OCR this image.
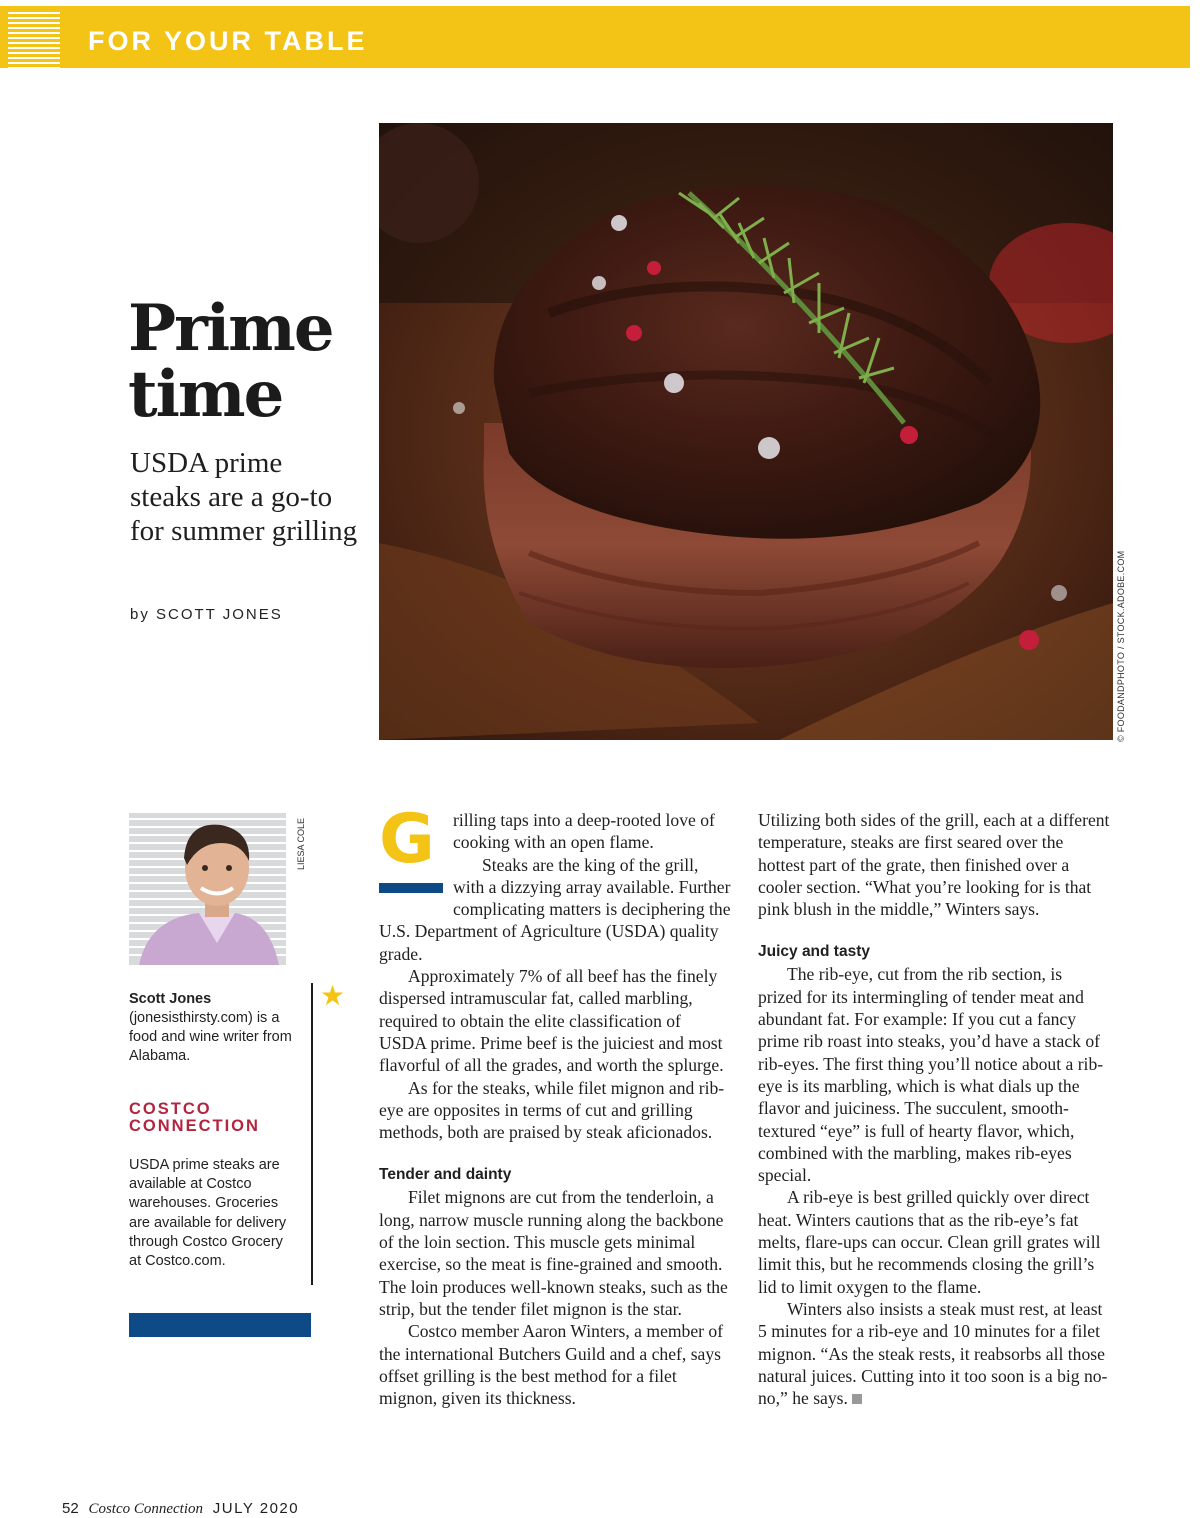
FOR YOUR TABLE
Prime
time
USDA prime steaks are a go-to for summer grilling
by SCOTT JONES	© FOODANDPHOTO / STOCK.ADOBE.COM
LIESA COLE
★
Scott Jones
(jonesisthirsty.com) is a food and wine writer from Alabama.
COSTCO CONNECTION
USDA prime steaks are available at Costco warehouses. Groceries are available for delivery through Costco Grocery at Costco.com.
G	rilling taps into a deep-rooted love of cooking with an open flame.

Steaks are the king of the grill, with a dizzying array available. Further complicating matters is deciphering the U.S. Department of Agriculture (USDA) quality grade.

Approximately 7% of all beef has the finely dispersed intramuscular fat, called marbling, required to obtain the elite classification of USDA prime. Prime beef is the juiciest and most flavorful of all the grades, and worth the splurge.

As for the steaks, while filet mignon and rib-eye are opposites in terms of cut and grilling methods, both are praised by steak aficionados.

Tender and dainty

Filet mignons are cut from the tenderloin, a long, narrow muscle running along the backbone of the loin section. This muscle gets minimal exercise, so the meat is fine-grained and smooth. The loin produces well-known steaks, such as the strip, but the tender filet mignon is the star.

Costco member Aaron Winters, a member of the international Butchers Guild and a chef, says offset grilling is the best method for a filet mignon, given its thickness.

Utilizing both sides of the grill, each at a different temperature, steaks are first seared over the hottest part of the grate, then finished over a cooler section. “What you’re looking for is that pink blush in the middle,” Winters says.

Juicy and tasty

The rib-eye, cut from the rib section, is prized for its intermingling of tender meat and abundant fat. For example: If you cut a fancy prime rib roast into steaks, you’d have a stack of rib-eyes. The first thing you’ll notice about a rib-eye is its marbling, which is what dials up the flavor and juiciness. The succulent, smooth-textured “eye” is full of hearty flavor, which, combined with the marbling, makes rib-eyes special.

A rib-eye is best grilled quickly over direct heat. Winters cautions that as the rib-eye’s fat melts, flare-ups can occur. Clean grill grates will limit this, but he recommends closing the grill’s lid to limit oxygen to the flame.

Winters also insists a steak must rest, at least 5 minutes for a rib-eye and 10 minutes for a filet mignon. “As the steak rests, it reabsorbs all those natural juices. Cutting into it too soon is a big no-no,” he says.

52 Costco Connection JULY 2020
